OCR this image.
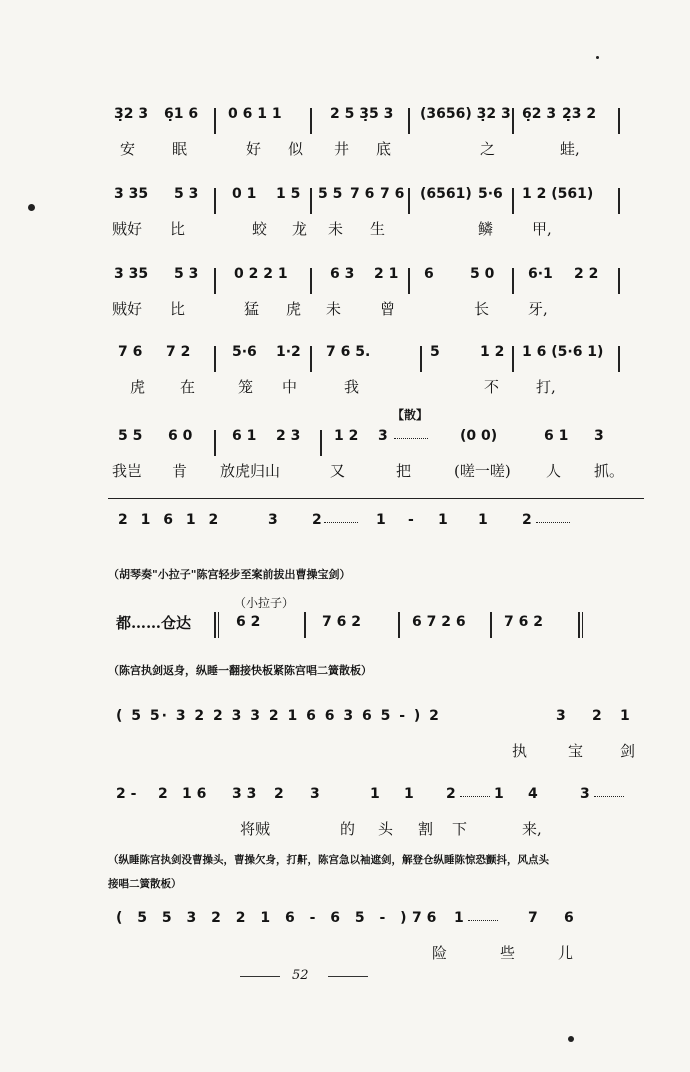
3̣2 3 6̣1 6 0 6 1 1	2 5 3̣5 3 (3656) 3̣2 3 6̣2 3 2̣3 2
安 眠	好 似 井 底	之	蛙,
3 35 5 3 0 1 1 5 5 5 7 6 7 6 (6561) 5·6 1 2 (561)
贼好 比	蛟 龙 未 生	鳞	甲,
3 35 5 3	0 2 2 1	6 3 2 1 6	5 0 6·1 2 2
贼好 比	猛 虎 未	曾	长	牙,
7 6 7 2	5·6 1·2 7 6 5.	5	1 2 1 6 (5·6 1)
虎 在	笼 中	我	不 打,
【散】
5 5 6 0	6 1 2 3 1 2 3	(0 0)	6 1 3
我岂 肯 放虎归山	又	把	(嗟一嗟) 人 抓。
2 1 6 1 2	3 2	1 - 1 1 2
（胡琴奏"小拉子"陈宫轻步至案前拔出曹操宝剑）
（小拉子）
都……仓达	6 2	7 6 2	6 7 2 6	7 6 2
（陈宫执剑返身，纵睡一翻接快板紧陈宫唱二簧散板）
( 5 5· 3 2 2 3 3 2 1 6 6 3 6 5 - ) 2	3 2 1
执	宝 剑
2 - 2 1 6 3 3 2 3	1 1 2	1 4	3
将贼	的 头 割 下	来,
（纵睡陈宫执剑没曹操头，曹操欠身，打鼾，陈宫急以袖遮剑，解登仓纵睡陈惊恐颤抖，风点头
接唱二簧散板）
( 5 5 3 2 2 1 6 - 6 5 - ) 7 6 1	7 6
险	些	儿
52
